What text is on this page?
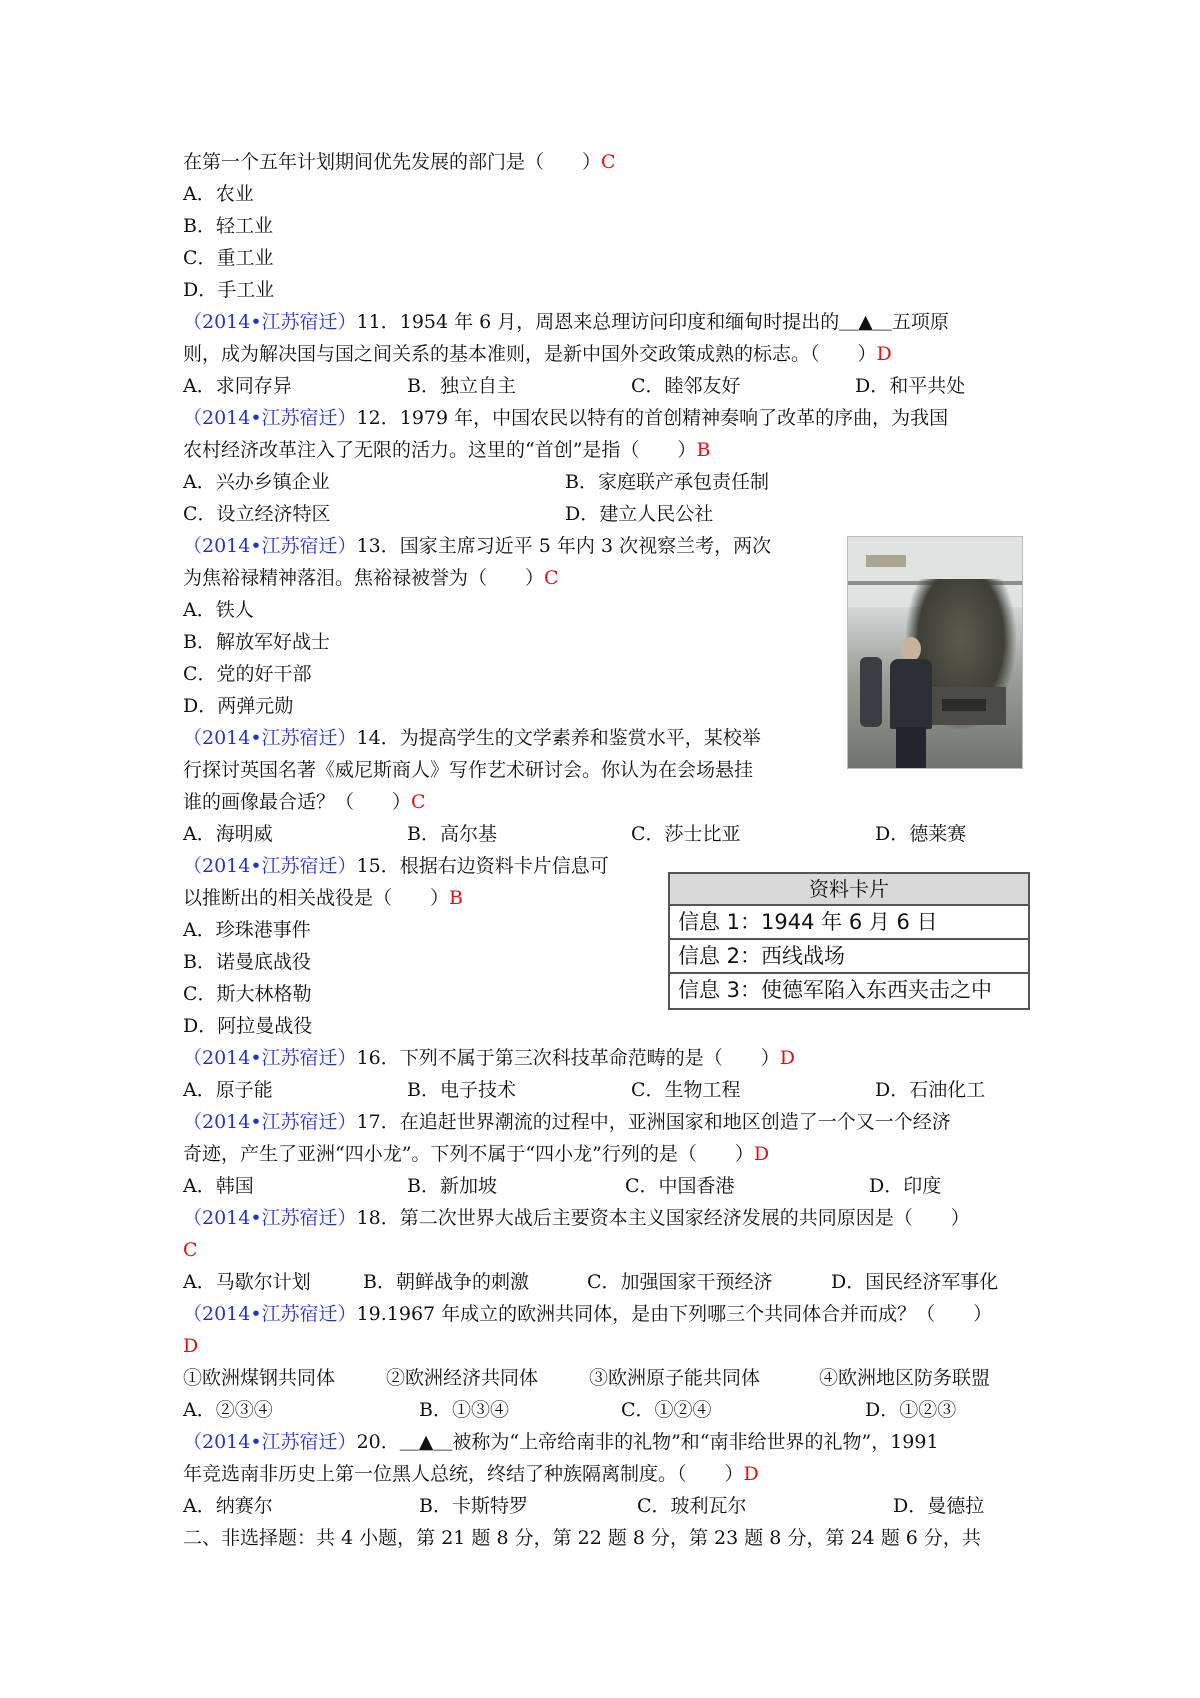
在第一个五年计划期间优先发展的部门是（　　）C
A．农业
B．轻工业
C．重工业
D．手工业
（2014•江苏宿迁）11．1954 年 6 月，周恩来总理访问印度和缅甸时提出的＿▲＿五项原
则，成为解决国与国之间关系的基本准则，是新中国外交政策成熟的标志。（　　）D
A．求同存异	B．独立自主	C．睦邻友好	D．和平共处
（2014•江苏宿迁）12．1979 年，中国农民以特有的首创精神奏响了改革的序曲，为我国
农村经济改革注入了无限的活力。这里的“首创”是指（　　）B
A．兴办乡镇企业	B．家庭联产承包责任制
C．设立经济特区	D．建立人民公社
（2014•江苏宿迁）13．国家主席习近平 5 年内 3 次视察兰考，两次
为焦裕禄精神落泪。焦裕禄被誉为（　　）C
A．铁人
B．解放军好战士
C．党的好干部
D．两弹元勋
（2014•江苏宿迁）14．为提高学生的文学素养和鉴赏水平，某校举
行探讨英国名著《威尼斯商人》写作艺术研讨会。你认为在会场悬挂
谁的画像最合适？（　　）C
A．海明威	B．高尔基	C．莎士比亚	D．德莱赛
（2014•江苏宿迁）15．根据右边资料卡片信息可
以推断出的相关战役是（　　）B
A．珍珠港事件
B．诺曼底战役
C．斯大林格勒
D．阿拉曼战役
资料卡片
信息 1：1944 年 6 月 6 日
信息 2：西线战场
信息 3：使德军陷入东西夹击之中
（2014•江苏宿迁）16．下列不属于第三次科技革命范畴的是（　　）D
A．原子能	B．电子技术	C．生物工程	D．石油化工
（2014•江苏宿迁）17．在追赶世界潮流的过程中，亚洲国家和地区创造了一个又一个经济
奇迹，产生了亚洲“四小龙”。下列不属于“四小龙”行列的是（　　）D
A．韩国	B．新加坡	C．中国香港	D．印度
（2014•江苏宿迁）18．第二次世界大战后主要资本主义国家经济发展的共同原因是（　　）
C
A．马歇尔计划	B．朝鲜战争的刺激	C．加强国家干预经济	D．国民经济军事化
（2014•江苏宿迁）19.1967 年成立的欧洲共同体，是由下列哪三个共同体合并而成？（　　）
D
①欧洲煤钢共同体	②欧洲经济共同体	③欧洲原子能共同体	④欧洲地区防务联盟
A．②③④	B．①③④	C．①②④	D．①②③
（2014•江苏宿迁）20．＿▲＿被称为“上帝给南非的礼物”和“南非给世界的礼物”，1991
年竞选南非历史上第一位黑人总统，终结了种族隔离制度。（　　）D
A．纳赛尔	B．卡斯特罗	C．玻利瓦尔	D．曼德拉
二、非选择题：共 4 小题，第 21 题 8 分，第 22 题 8 分，第 23 题 8 分，第 24 题 6 分，共
